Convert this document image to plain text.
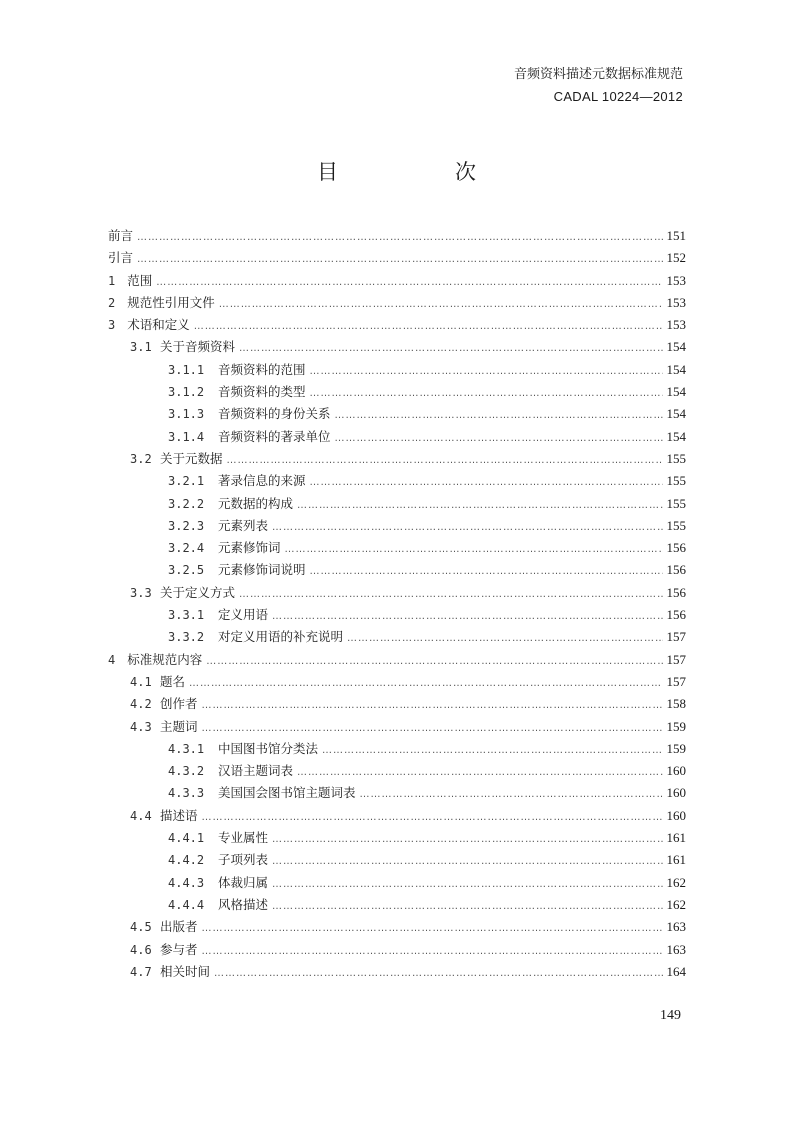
音频资料描述元数据标准规范
CADAL 10224—2012
目　次
前言 …………………………………………………………………………………………………………………………………………………………………………………………	151
引言 …………………………………………………………………………………………………………………………………………………………………………………………	152
1 范围 …………………………………………………………………………………………………………………………………………………………………………………………	153
2 规范性引用文件 …………………………………………………………………………………………………………………………………………………………………………………………	153
3 术语和定义 …………………………………………………………………………………………………………………………………………………………………………………………	153
3.1 关于音频资料 …………………………………………………………………………………………………………………………………………………………………………………………	154
3.1.1	音频资料的范围 …………………………………………………………………………………………………………………………………………………………………………………………	154
3.1.2	音频资料的类型 …………………………………………………………………………………………………………………………………………………………………………………………	154
3.1.3	音频资料的身份关系 …………………………………………………………………………………………………………………………………………………………………………………………	154
3.1.4	音频资料的著录单位 …………………………………………………………………………………………………………………………………………………………………………………………	154
3.2 关于元数据 …………………………………………………………………………………………………………………………………………………………………………………………	155
3.2.1	著录信息的来源 …………………………………………………………………………………………………………………………………………………………………………………………	155
3.2.2	元数据的构成 …………………………………………………………………………………………………………………………………………………………………………………………	155
3.2.3	元素列表 …………………………………………………………………………………………………………………………………………………………………………………………	155
3.2.4	元素修饰词 …………………………………………………………………………………………………………………………………………………………………………………………	156
3.2.5	元素修饰词说明 …………………………………………………………………………………………………………………………………………………………………………………………	156
3.3 关于定义方式 …………………………………………………………………………………………………………………………………………………………………………………………	156
3.3.1	定义用语 …………………………………………………………………………………………………………………………………………………………………………………………	156
3.3.2	对定义用语的补充说明 …………………………………………………………………………………………………………………………………………………………………………………………	157
4 标准规范内容 …………………………………………………………………………………………………………………………………………………………………………………………	157
4.1 题名 …………………………………………………………………………………………………………………………………………………………………………………………	157
4.2 创作者 …………………………………………………………………………………………………………………………………………………………………………………………	158
4.3 主题词 …………………………………………………………………………………………………………………………………………………………………………………………	159
4.3.1	中国图书馆分类法 …………………………………………………………………………………………………………………………………………………………………………………………	159
4.3.2	汉语主题词表 …………………………………………………………………………………………………………………………………………………………………………………………	160
4.3.3	美国国会图书馆主题词表 …………………………………………………………………………………………………………………………………………………………………………………………	160
4.4 描述语 …………………………………………………………………………………………………………………………………………………………………………………………	160
4.4.1	专业属性 …………………………………………………………………………………………………………………………………………………………………………………………	161
4.4.2	子项列表 …………………………………………………………………………………………………………………………………………………………………………………………	161
4.4.3	体裁归属 …………………………………………………………………………………………………………………………………………………………………………………………	162
4.4.4	风格描述 …………………………………………………………………………………………………………………………………………………………………………………………	162
4.5 出版者 …………………………………………………………………………………………………………………………………………………………………………………………	163
4.6 参与者 …………………………………………………………………………………………………………………………………………………………………………………………	163
4.7 相关时间 …………………………………………………………………………………………………………………………………………………………………………………………	164
149
